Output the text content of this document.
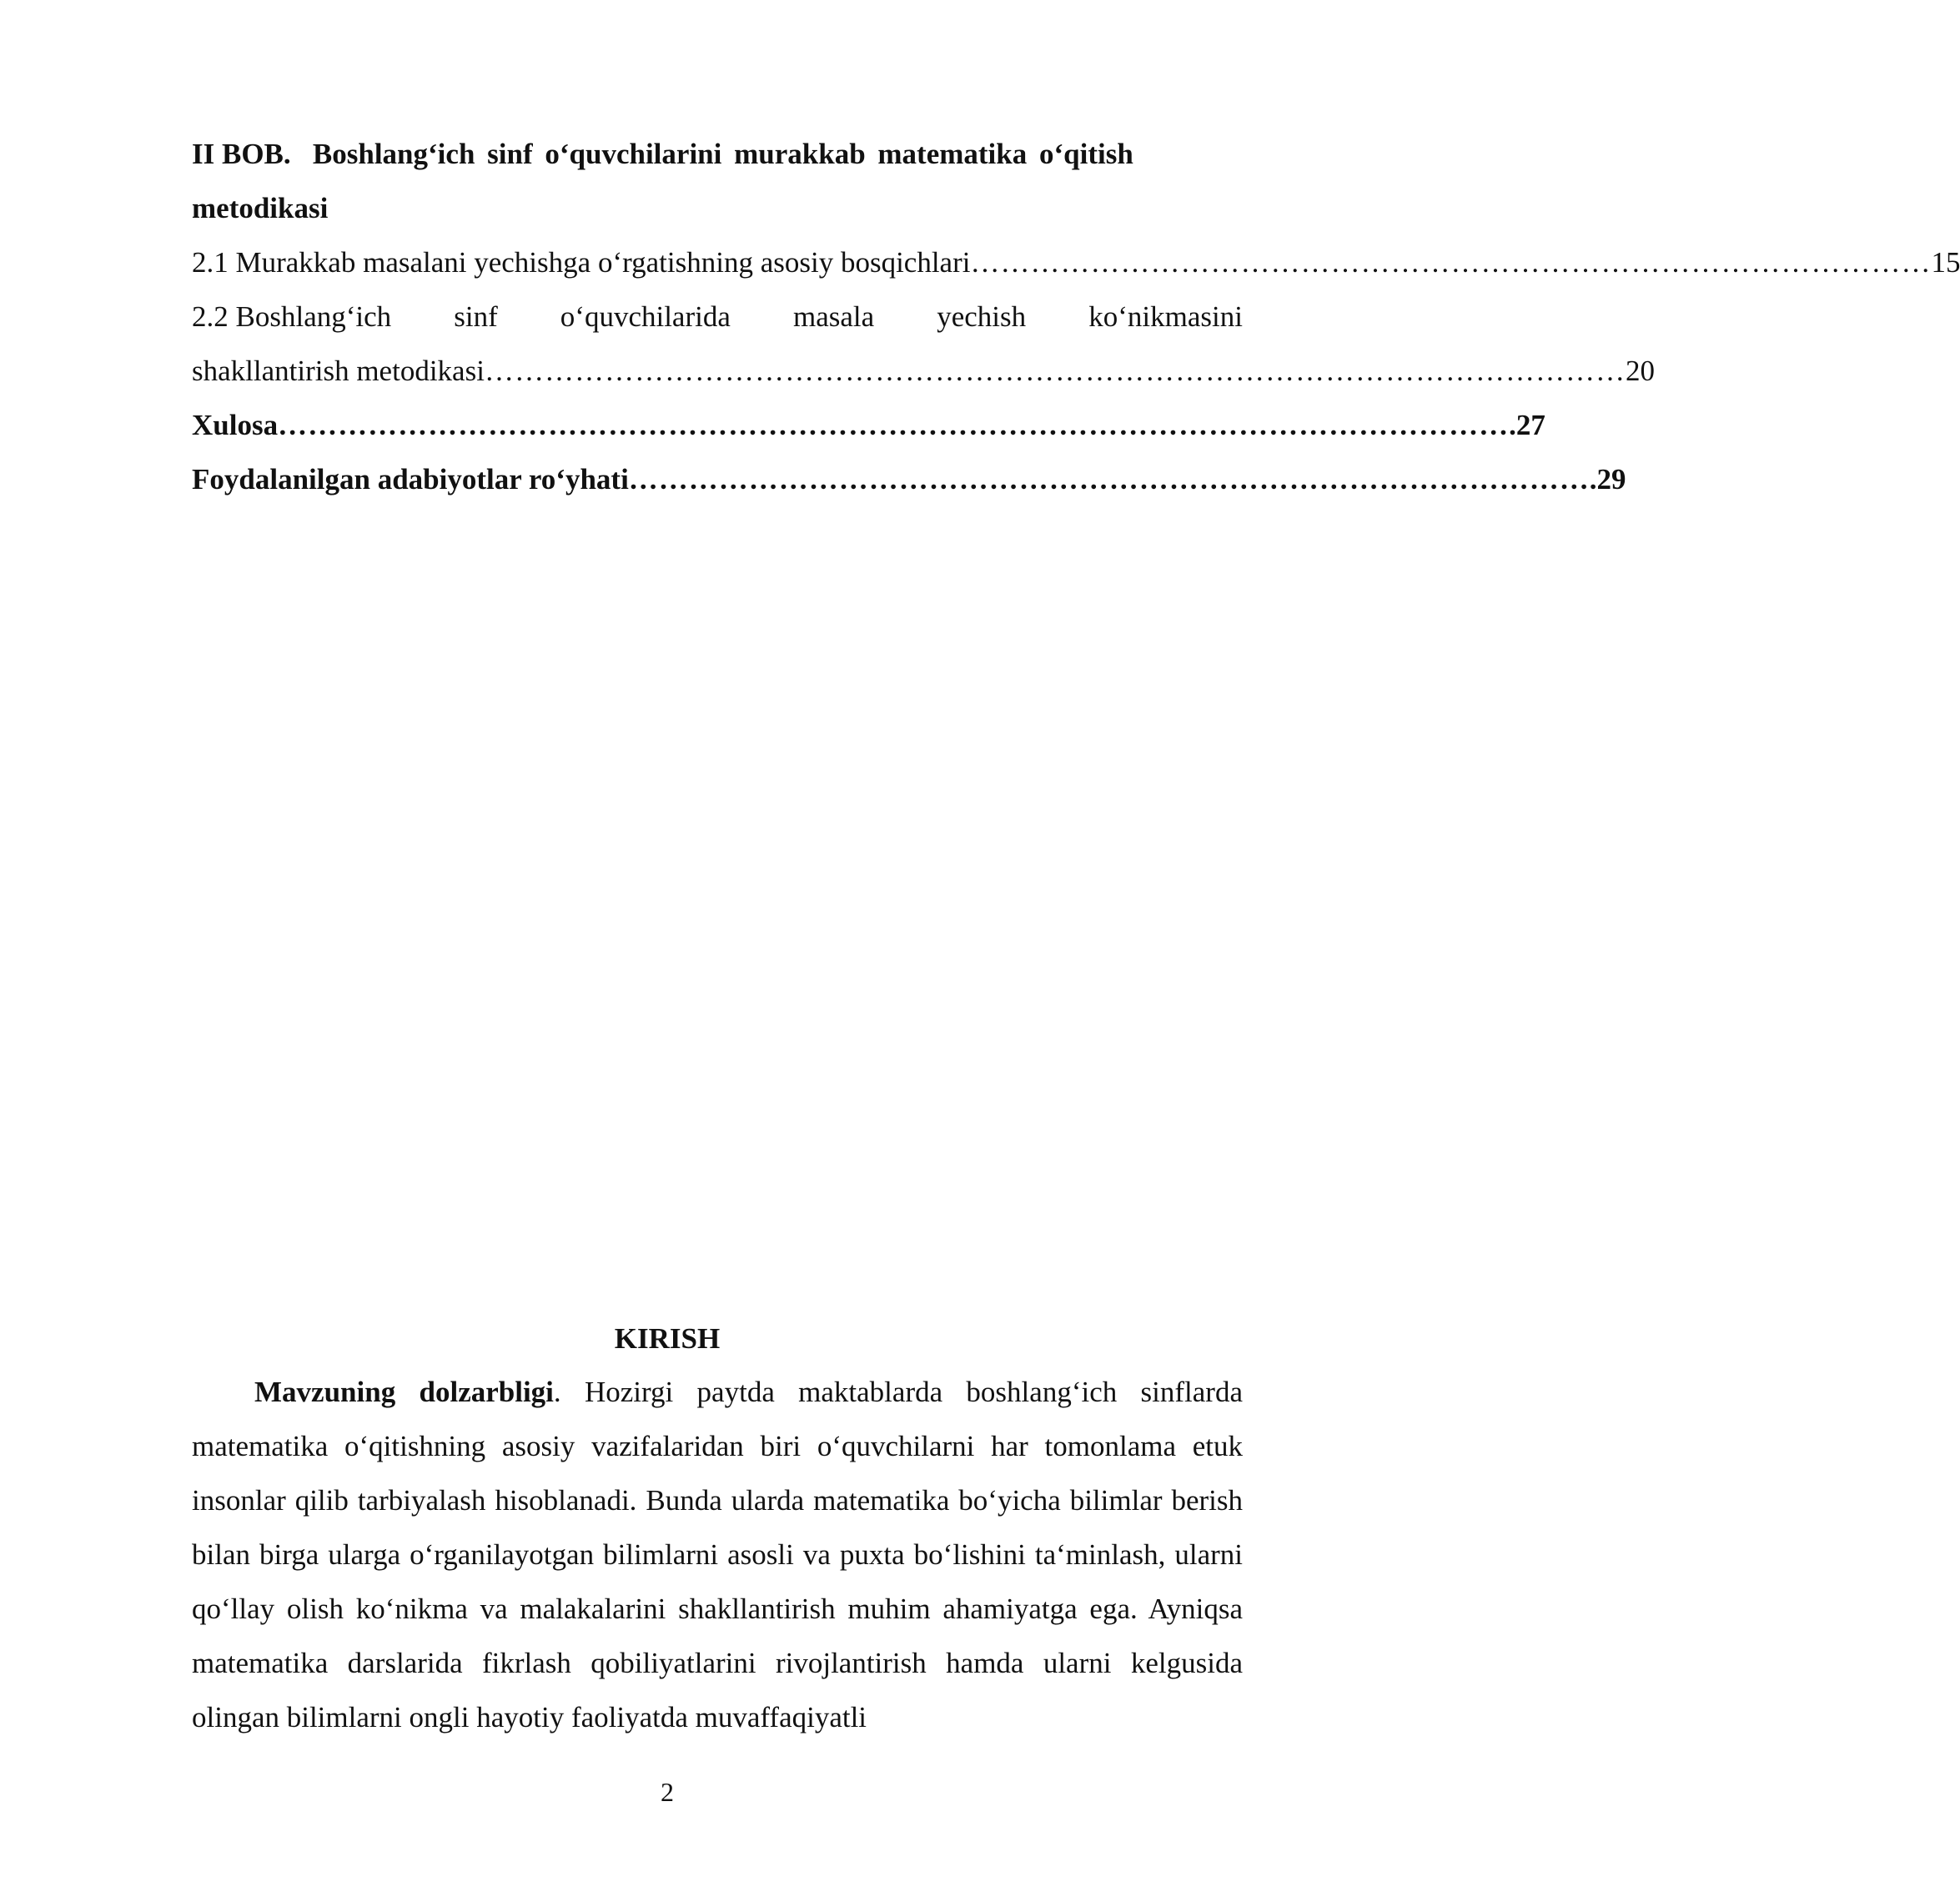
II BOB. Boshlang‘ich sinf o‘quvchilarini murakkab matematika o‘qitish
metodikasi
2.1 Murakkab masalani yechishga o‘rgatishning asosiy bosqichlari …………………………………………………………………………………… 15
2.2 Boshlang‘ich sinf o‘quvchilarida masala yechish ko‘nikmasini
shakllantirish metodikasi …………………………………………………………………………………………………… 20
Xulosa …………………………………………………………………………………………………………… .27
Foydalanilgan adabiyotlar ro‘yhati …………………………………………………………………………………… .29
KIRISH

Mavzuning dolzarbligi. Hozirgi paytda maktablarda boshlang‘ich sinflarda matematika o‘qitishning asosiy vazifalaridan biri o‘quvchilarni har tomonlama etuk insonlar qilib tarbiyalash hisoblanadi. Bunda ularda matematika bo‘yicha bilimlar berish bilan birga ularga o‘rganilayotgan bilimlarni asosli va puxta bo‘lishini ta‘minlash, ularni qo‘llay olish ko‘nikma va malakalarini shakllantirish muhim ahamiyatga ega. Ayniqsa matematika darslarida fikrlash qobiliyatlarini rivojlantirish hamda ularni kelgusida olingan bilimlarni ongli hayotiy faoliyatda muvaffaqiyatli

2
